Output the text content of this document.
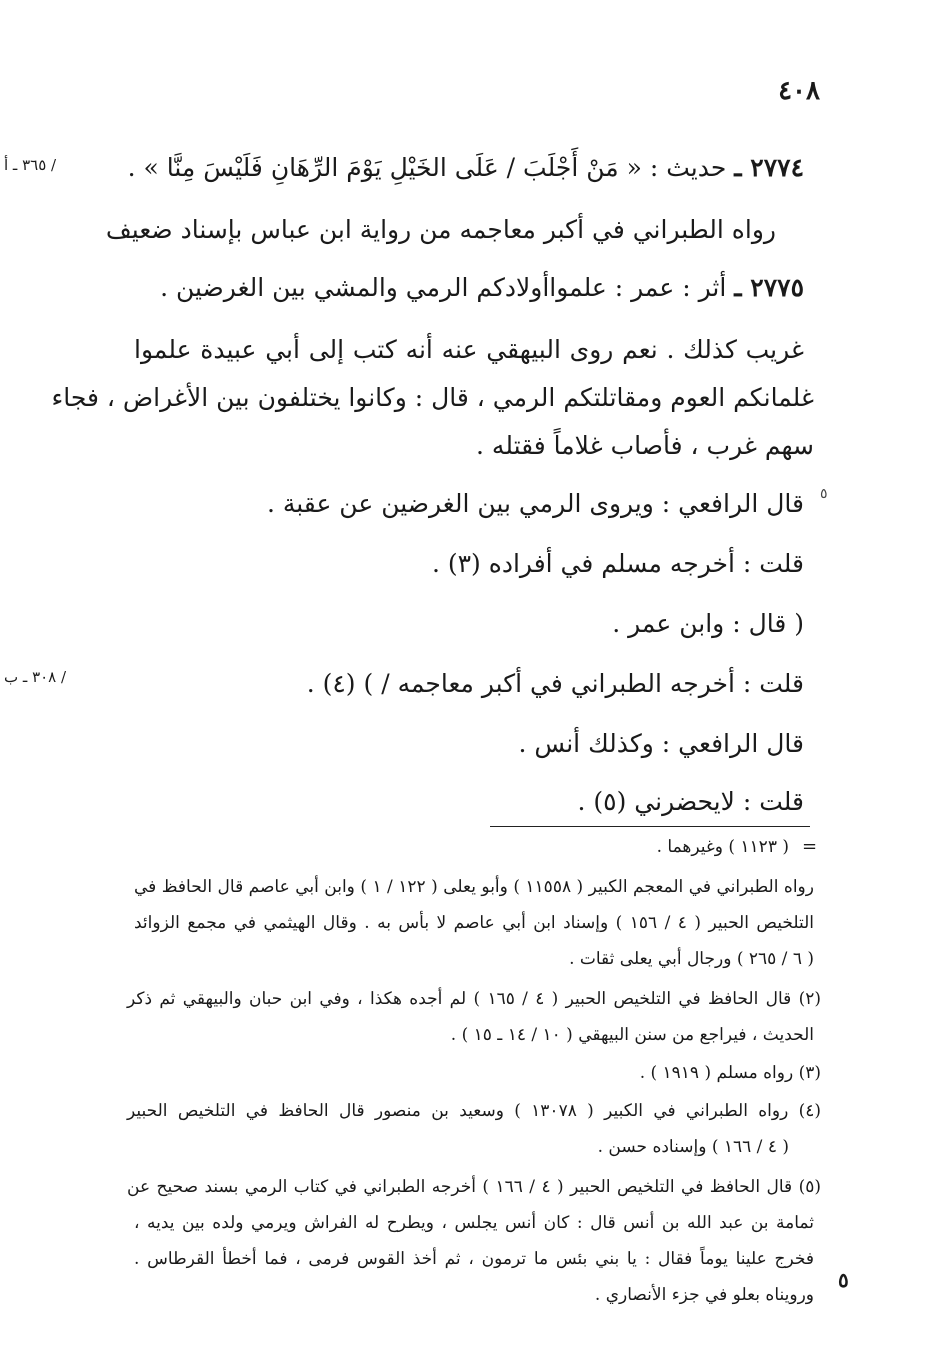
٤٠٨
/ ٣٦٥ ـ أ
/ ٣٠٨ ـ ب
٥
٥
٢٧٧٤ ـ حديث : « مَنْ أَجْلَبَ / عَلَى الخَيْلِ يَوْمَ الرِّهَانِ فَلَيْسَ مِنَّا » .
رواه الطبراني في أكبر معاجمه من رواية ابن عباس بإسناد ضعيف
٢٧٧٥ ـ أثر : عمر : علمواأولادكم الرمي والمشي بين الغرضين .
غريب كذلك . نعم روى البيهقي عنه أنه كتب إلى أبي عبيدة علموا
غلمانكم العوم ومقاتلتكم الرمي ، قال : وكانوا يختلفون بين الأغراض ، فجاء
سهم غرب ، فأصاب غلاماً فقتله .
قال الرافعي : ويروى الرمي بين الغرضين عن عقبة .
قلت : أخرجه مسلم في أفراده (٣) .
( قال : وابن عمر .
قلت : أخرجه الطبراني في أكبر معاجمه / ) (٤) .
قال الرافعي : وكذلك أنس .
قلت : لايحضرني (٥) .
=
( ١١٢٣ ) وغيرهما .
رواه الطبراني في المعجم الكبير ( ١١٥٥٨ ) وأبو يعلى ( ١٢٢ / ١ ) وابن أبي عاصم قال الحافظ في
التلخيص الحبير ( ٤ / ١٥٦ ) وإسناد ابن أبي عاصم لا بأس به . وقال الهيثمي في مجمع الزوائد
( ٦ / ٢٦٥ ) ورجال أبي يعلى ثقات .
(٢) قال الحافظ في التلخيص الحبير ( ٤ / ١٦٥ ) لم أجده هكذا ، وفي ابن حبان والبيهقي ثم ذكر
الحديث ، فيراجع من سنن البيهقي ( ١٠ / ١٤ ـ ١٥ ) .
(٣) رواه مسلم ( ١٩١٩ ) .
(٤) رواه الطبراني في الكبير ( ١٣٠٧٨ ) وسعيد بن منصور قال الحافظ في التلخيص الحبير
( ٤ / ١٦٦ ) وإسناده حسن .
(٥) قال الحافظ في التلخيص الحبير ( ٤ / ١٦٦ ) أخرجه الطبراني في كتاب الرمي بسند صحيح عن
ثمامة بن عبد الله بن أنس قال : كان أنس يجلس ، ويطرح له الفراش ويرمي ولده بين يديه ،
فخرج علينا يوماً فقال : يا بني بئس ما ترمون ، ثم أخذ القوس فرمى ، فما أخطأ القرطاس .
ورويناه بعلو في جزء الأنصاري .
